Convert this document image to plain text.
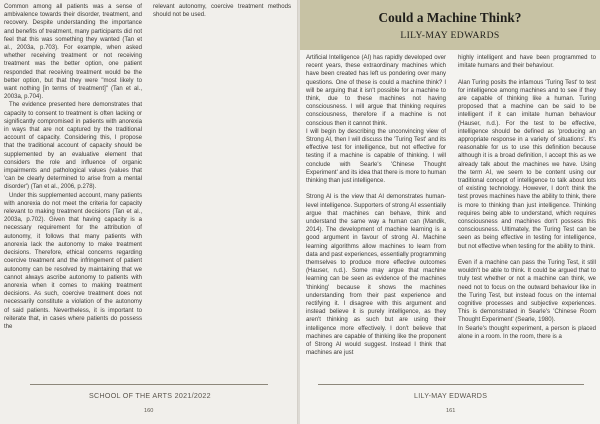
Common among all patients was a sense of ambivalence towards their disorder, treatment, and recovery. Despite understanding the importance and benefits of treatment, many participants did not feel that this was something they wanted (Tan et al., 2003a, p.703). For example, when asked whether receiving treatment or not receiving treatment was the better option, one patient responded that receiving treatment would be the better option, but that they were "most likely to want nothing [in terms of treatment]" (Tan et al., 2003a, p.704).

The evidence presented here demonstrates that capacity to consent to treatment is often lacking or significantly compromised in patients with anorexia in ways that are not captured by the traditional account of capacity. Considering this, I propose that the traditional account of capacity should be supplemented by an evaluative element that considers the role and influence of organic impairments and pathological values (values that 'can be clearly determined to arise from a mental disorder') (Tan et al., 2006, p.278).

Under this supplemented account, many patients with anorexia do not meet the criteria for capacity relevant to making treatment decisions (Tan et al., 2003a, p.702). Given that having capacity is a necessary requirement for the attribution of autonomy, it follows that many patients with anorexia lack the autonomy to make treatment decisions. Therefore, ethical concerns regarding coercive treatment and the infringement of patient autonomy can be resolved by maintaining that we cannot always ascribe autonomy to patients with anorexia when it comes to making treatment decisions. As such, coercive treatment does not necessarily constitute a violation of the autonomy of said patients. Nevertheless, it is important to reiterate that, in cases where patients do possess the

relevant autonomy, coercive treatment methods should not be used.

SCHOOL OF THE ARTS 2021/2022
160
Could a Machine Think?
LILY-MAY EDWARDS

Artificial Intelligence (AI) has rapidly developed over recent years, these extraordinary machines which have been created has left us pondering over many questions. One of these is could a machine think? I will be arguing that it isn't possible for a machine to think, due to these machines not having consciousness. I will argue that thinking requires consciousness, therefore if a machine is not conscious then it cannot think.

I will begin by describing the unconvincing view of Strong AI, then I will discuss the 'Turing Test' and its effective test for intelligence, but not effective for testing if a machine is capable of thinking. I will conclude with Searle's 'Chinese Thought Experiment' and its idea that there is more to human thinking than just intelligence.

Strong AI is the view that AI demonstrates human-level intelligence. Supporters of strong AI essentially argue that machines can behave, think and understand the same way a human can (Mandik, 2014). The development of machine learning is a good argument in favour of strong AI. Machine learning algorithms allow machines to learn from data and past experiences, essentially programming themselves to produce more effective outcomes (Hauser, n.d.). Some may argue that machine learning can be seen as evidence of the machines 'thinking' because it shows the machines understanding from their past experience and rectifying it. I disagree with this argument and instead believe it is purely intelligence, as they aren't thinking as such but are using their intelligence more effectively. I don't believe that machines are capable of thinking like the proponent of Strong AI would suggest. Instead I think that machines are just

highly intelligent and have been programmed to imitate humans and their behaviour.

Alan Turing posits the infamous 'Turing Test' to test for intelligence among machines and to see if they are capable of thinking like a human. Turing proposed that a machine can be said to be intelligent if it can imitate human behaviour (Hauser, n.d.). For the test to be effective, intelligence should be defined as 'producing an appropriate response in a variety of situations'. It's reasonable for us to use this definition because although it is a broad definition, I accept this as we already talk about the machines we have. Using the term AI, we seem to be content using our traditional concept of intelligence to talk about lots of existing technology. However, I don't think the test proves machines have the ability to think, there is more to thinking than just intelligence. Thinking requires being able to understand, which requires consciousness and machines don't possess this consciousness. Ultimately, the Turing Test can be seen as being effective in testing for intelligence, but not effective when testing for the ability to think.

Even if a machine can pass the Turing Test, it still wouldn't be able to think. It could be argued that to truly test whether or not a machine can think, we need not to focus on the outward behaviour like in the Turing Test, but instead focus on the internal cognitive processes and subjective experiences. This is demonstrated in Searle's 'Chinese Room Thought Experiment' (Searle, 1980).

In Searle's thought experiment, a person is placed alone in a room. In the room, there is a

LILY-MAY EDWARDS
161
